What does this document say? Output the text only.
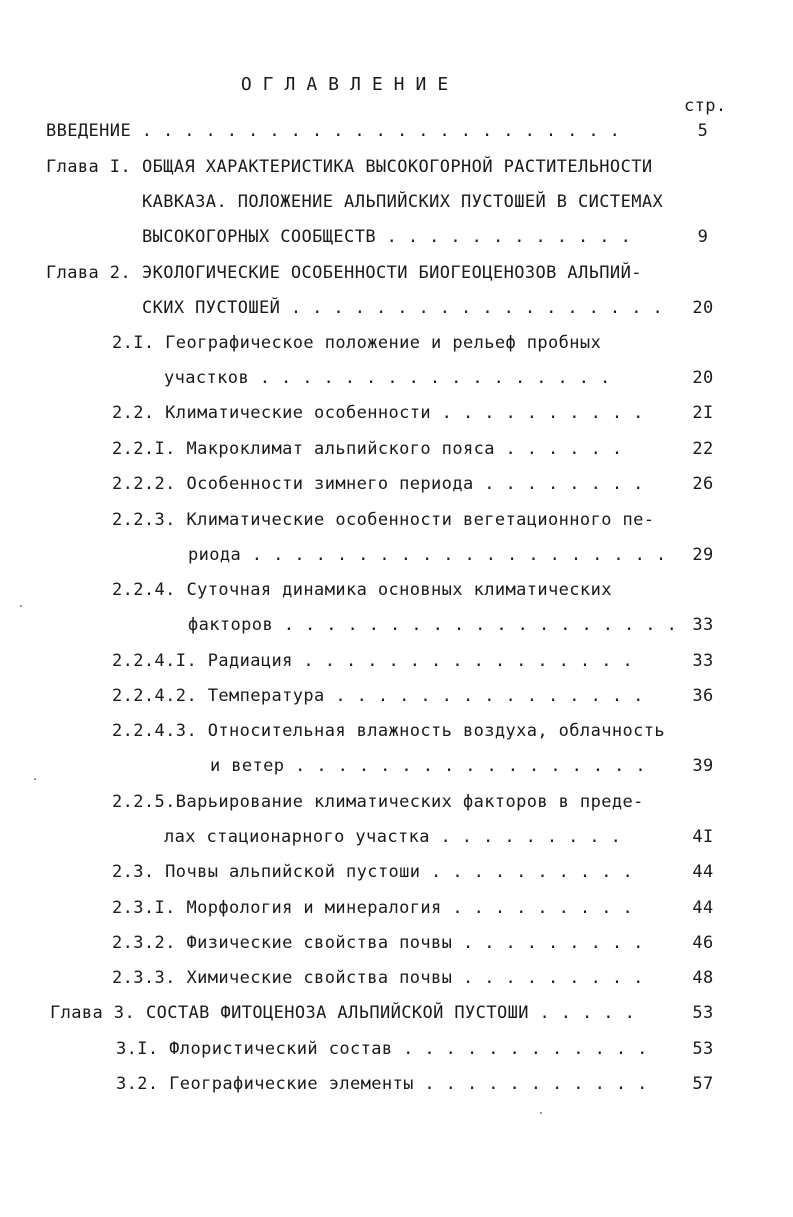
ОГЛАВЛЕНИЕ
стр.
ВВЕДЕНИЕ . . . . . . . . . . . . . . . . . . . . . . .	5
Глава I. ОБЩАЯ ХАРАКТЕРИСТИКА ВЫСОКОГОРНОЙ РАСТИТЕЛЬНОСТИ
КАВКАЗА. ПОЛОЖЕНИЕ АЛЬПИЙСКИХ ПУСТОШЕЙ В СИСТЕМАХ
ВЫСОКОГОРНЫХ СООБЩЕСТВ . . . . . . . . . . . .	9
Глава 2. ЭКОЛОГИЧЕСКИЕ ОСОБЕННОСТИ БИОГЕОЦЕНОЗОВ АЛЬПИЙ-
СКИХ ПУСТОШЕЙ . . . . . . . . . . . . . . . . . .	20
2.I. Географическое положение и рельеф пробных
участков . . . . . . . . . . . . . . . . .	20
2.2. Климатические особенности . . . . . . . . . .	2I
2.2.I. Макроклимат альпийского пояса . . . . . .	22
2.2.2. Особенности зимнего периода . . . . . . . .	26
2.2.3. Климатические особенности вегетационного пе-
риода . . . . . . . . . . . . . . . . . . . .	29
2.2.4. Суточная динамика основных климатических
факторов . . . . . . . . . . . . . . . . . . . 33
2.2.4.I. Радиация . . . . . . . . . . . . . . . .	33
2.2.4.2. Температура . . . . . . . . . . . . . . .	36
2.2.4.3. Относительная влажность воздуха, облачность
и ветер . . . . . . . . . . . . . . . . .	39
2.2.5.Варьирование климатических факторов в преде-
лах стационарного участка . . . . . . . . .	4I
2.3. Почвы альпийской пустоши . . . . . . . . . .	44
2.3.I. Морфология и минералогия . . . . . . . . .	44
2.3.2. Физические свойства почвы . . . . . . . . .	46
2.3.3. Химические свойства почвы . . . . . . . . .	48
Глава 3. СОСТАВ ФИТОЦЕНОЗА АЛЬПИЙСКОЙ ПУСТОШИ . . . . .	53
3.I. Флористический состав . . . . . . . . . . . .	53
3.2. Географические элементы . . . . . . . . . . .	57
